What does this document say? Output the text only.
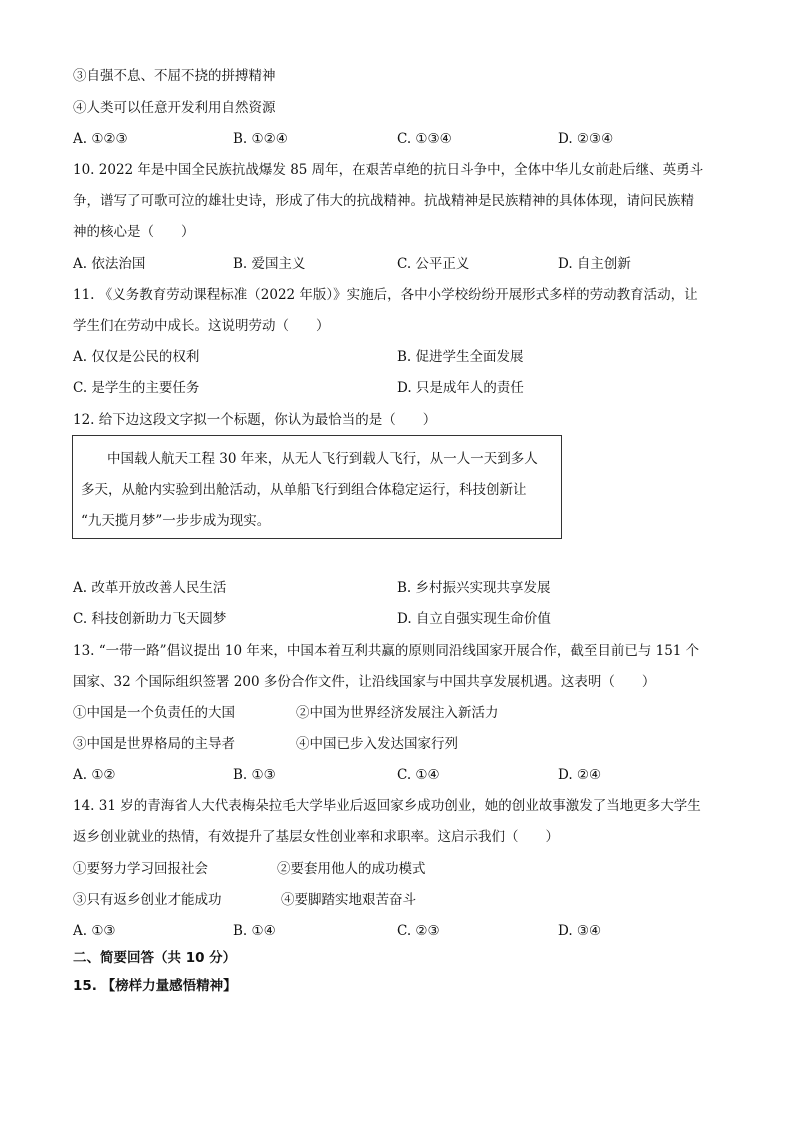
③自强不息、不屈不挠的拼搏精神
④人类可以任意开发利用自然资源
A. ①②③	B. ①②④	C. ①③④	D. ②③④
10. 2022 年是中国全民族抗战爆发 85 周年，在艰苦卓绝的抗日斗争中，全体中华儿女前赴后继、英勇斗
争，谱写了可歌可泣的雄壮史诗，形成了伟大的抗战精神。抗战精神是民族精神的具体体现，请问民族精
神的核心是（　　）
A. 依法治国	B. 爱国主义	C. 公平正义	D. 自主创新
11. 《义务教育劳动课程标准（2022 年版）》实施后，各中小学校纷纷开展形式多样的劳动教育活动，让
学生们在劳动中成长。这说明劳动（　　）
A. 仅仅是公民的权利	B. 促进学生全面发展
C. 是学生的主要任务	D. 只是成年人的责任
12. 给下边这段文字拟一个标题，你认为最恰当的是（　　）
中国载人航天工程 30 年来，从无人飞行到载人飞行，从一人一天到多人
多天，从舱内实验到出舱活动，从单船飞行到组合体稳定运行，科技创新让
“九天揽月梦”一步步成为现实。
A. 改革开放改善人民生活	B. 乡村振兴实现共享发展
C. 科技创新助力飞天圆梦	D. 自立自强实现生命价值
13. “一带一路”倡议提出 10 年来，中国本着互利共赢的原则同沿线国家开展合作，截至目前已与 151 个
国家、32 个国际组织签署 200 多份合作文件，让沿线国家与中国共享发展机遇。这表明（　　）
①中国是一个负责任的大国	②中国为世界经济发展注入新活力
③中国是世界格局的主导者	④中国已步入发达国家行列
A. ①②	B. ①③	C. ①④	D. ②④
14. 31 岁的青海省人大代表梅朵拉毛大学毕业后返回家乡成功创业，她的创业故事激发了当地更多大学生
返乡创业就业的热情，有效提升了基层女性创业率和求职率。这启示我们（　　）
①要努力学习回报社会	②要套用他人的成功模式
③只有返乡创业才能成功	④要脚踏实地艰苦奋斗
A. ①③	B. ①④	C. ②③	D. ③④
二、简要回答（共 10 分）
15. 【榜样力量感悟精神】
